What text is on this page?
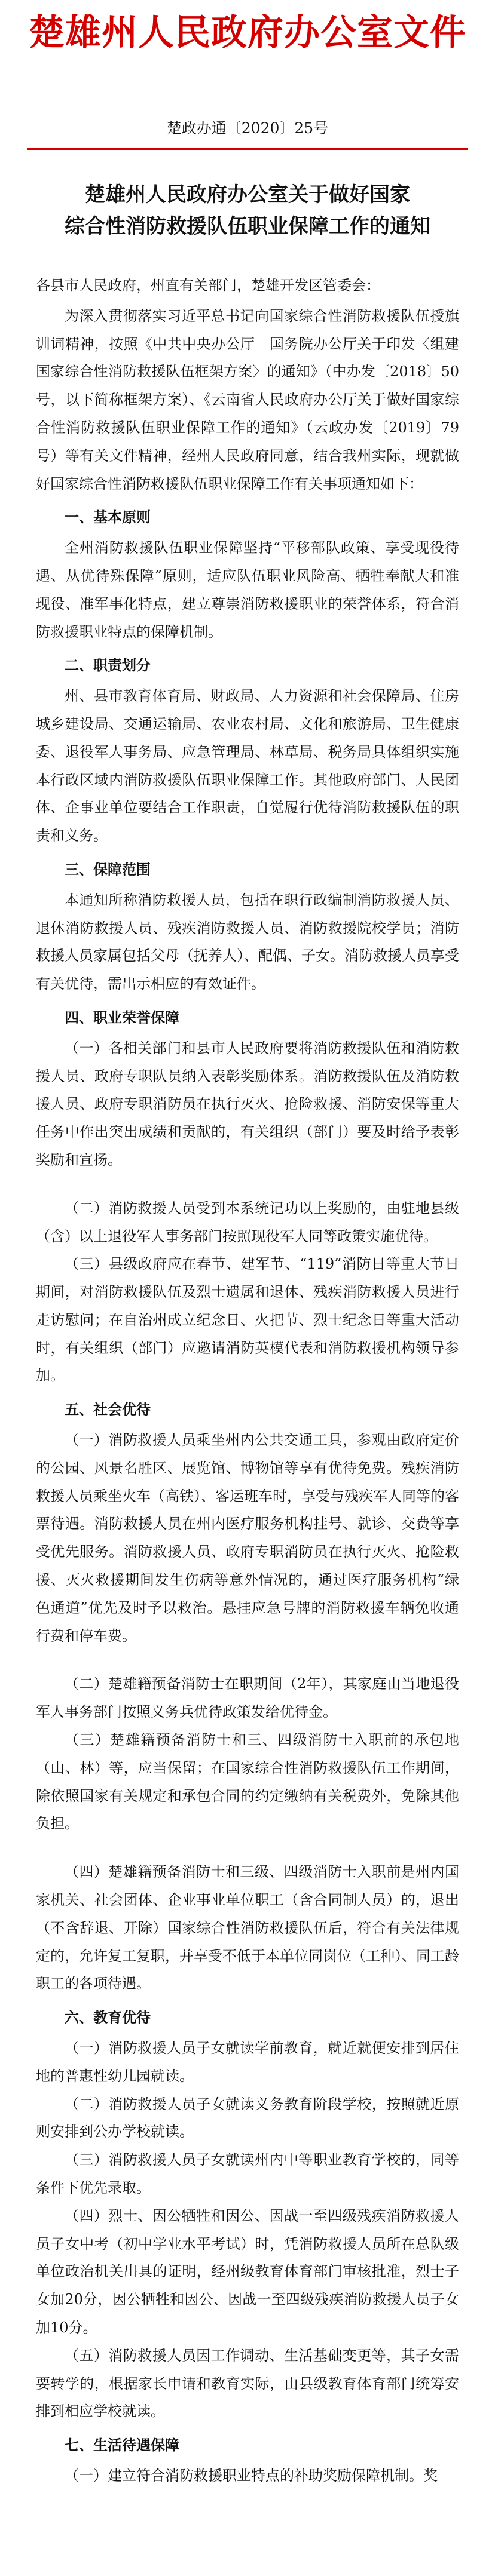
楚雄州人民政府办公室文件
楚政办通〔2020〕25号
楚雄州人民政府办公室关于做好国家
综合性消防救援队伍职业保障工作的通知

各县市人民政府，州直有关部门，楚雄开发区管委会：

为深入贯彻落实习近平总书记向国家综合性消防救援队伍授旗训词精神，按照《中共中央办公厅　国务院办公厅关于印发〈组建国家综合性消防救援队伍框架方案〉的通知》（中办发〔2018〕50号，以下简称框架方案）、《云南省人民政府办公厅关于做好国家综合性消防救援队伍职业保障工作的通知》（云政办发〔2019〕79号）等有关文件精神，经州人民政府同意，结合我州实际，现就做好国家综合性消防救援队伍职业保障工作有关事项通知如下：

一、基本原则

全州消防救援队伍职业保障坚持“平移部队政策、享受现役待遇、从优待殊保障”原则，适应队伍职业风险高、牺牲奉献大和准现役、准军事化特点，建立尊崇消防救援职业的荣誉体系，符合消防救援职业特点的保障机制。

二、职责划分

州、县市教育体育局、财政局、人力资源和社会保障局、住房城乡建设局、交通运输局、农业农村局、文化和旅游局、卫生健康委、退役军人事务局、应急管理局、林草局、税务局具体组织实施本行政区域内消防救援队伍职业保障工作。其他政府部门、人民团体、企事业单位要结合工作职责，自觉履行优待消防救援队伍的职责和义务。

三、保障范围

本通知所称消防救援人员，包括在职行政编制消防救援人员、退休消防救援人员、残疾消防救援人员、消防救援院校学员；消防救援人员家属包括父母（抚养人）、配偶、子女。消防救援人员享受有关优待，需出示相应的有效证件。

四、职业荣誉保障

（一）各相关部门和县市人民政府要将消防救援队伍和消防救援人员、政府专职队员纳入表彰奖励体系。消防救援队伍及消防救援人员、政府专职消防员在执行灭火、抢险救援、消防安保等重大任务中作出突出成绩和贡献的，有关组织（部门）要及时给予表彰奖励和宣扬。

（二）消防救援人员受到本系统记功以上奖励的，由驻地县级（含）以上退役军人事务部门按照现役军人同等政策实施优待。

（三）县级政府应在春节、建军节、“119”消防日等重大节日期间，对消防救援队伍及烈士遗属和退休、残疾消防救援人员进行走访慰问；在自治州成立纪念日、火把节、烈士纪念日等重大活动时，有关组织（部门）应邀请消防英模代表和消防救援机构领导参加。

五、社会优待

（一）消防救援人员乘坐州内公共交通工具，参观由政府定价的公园、风景名胜区、展览馆、博物馆等享有优待免费。残疾消防救援人员乘坐火车（高铁）、客运班车时，享受与残疾军人同等的客票待遇。消防救援人员在州内医疗服务机构挂号、就诊、交费等享受优先服务。消防救援人员、政府专职消防员在执行灭火、抢险救援、灭火救援期间发生伤病等意外情况的，通过医疗服务机构“绿色通道”优先及时予以救治。悬挂应急号牌的消防救援车辆免收通行费和停车费。

（二）楚雄籍预备消防士在职期间（2年），其家庭由当地退役军人事务部门按照义务兵优待政策发给优待金。

（三）楚雄籍预备消防士和三、四级消防士入职前的承包地（山、林）等，应当保留；在国家综合性消防救援队伍工作期间，除依照国家有关规定和承包合同的约定缴纳有关税费外，免除其他负担。

（四）楚雄籍预备消防士和三级、四级消防士入职前是州内国家机关、社会团体、企业事业单位职工（含合同制人员）的，退出（不含辞退、开除）国家综合性消防救援队伍后，符合有关法律规定的，允许复工复职，并享受不低于本单位同岗位（工种）、同工龄职工的各项待遇。

六、教育优待

（一）消防救援人员子女就读学前教育，就近就便安排到居住地的普惠性幼儿园就读。

（二）消防救援人员子女就读义务教育阶段学校，按照就近原则安排到公办学校就读。

（三）消防救援人员子女就读州内中等职业教育学校的，同等条件下优先录取。

（四）烈士、因公牺牲和因公、因战一至四级残疾消防救援人员子女中考（初中学业水平考试）时，凭消防救援人员所在总队级单位政治机关出具的证明，经州级教育体育部门审核批准，烈士子女加20分，因公牺牲和因公、因战一至四级残疾消防救援人员子女加10分。

（五）消防救援人员因工作调动、生活基础变更等，其子女需要转学的，根据家长申请和教育实际，由县级教育体育部门统筹安排到相应学校就读。

七、生活待遇保障

（一）建立符合消防救援职业特点的补助奖励保障机制。奖
